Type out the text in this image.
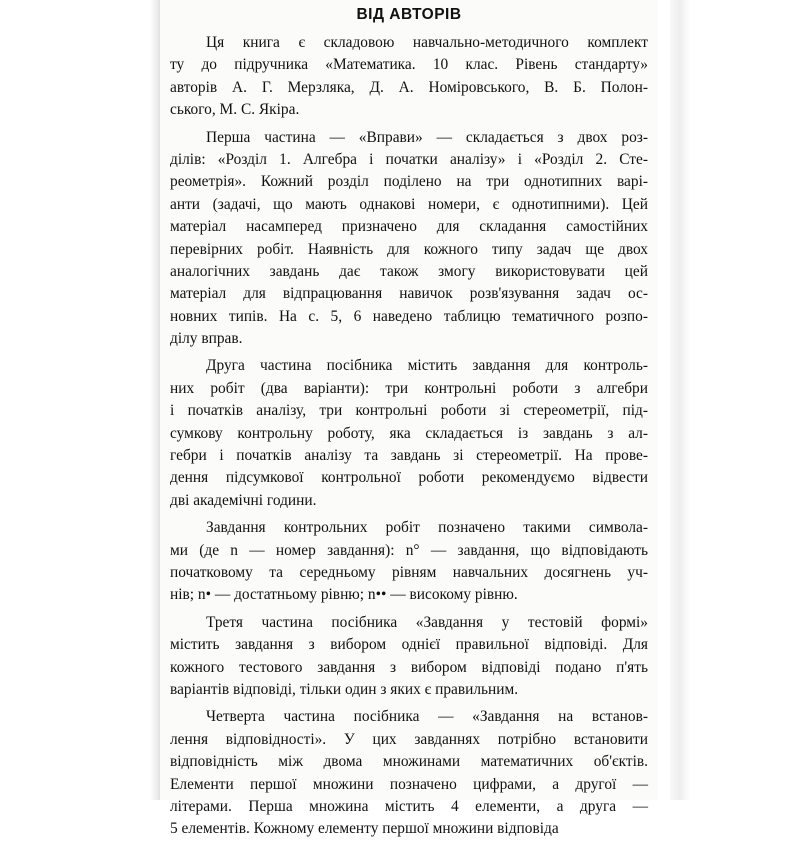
ВІД АВТОРІВ
Ця книга є складовою навчально-методичного комплект
ту до підручника «Математика. 10 клас. Рівень стандарту»
авторів А. Г. Мерзляка, Д. А. Номіровського, В. Б. Полон-
ського, М. С. Якіра.
Перша частина — «Вправи» — складається з двох роз-
ділів: «Розділ 1. Алгебра і початки аналізу» і «Розділ 2. Сте-
реометрія». Кожний розділ поділено на три однотипних варі-
анти (задачі, що мають однакові номери, є однотипними). Цей
матеріал насамперед призначено для складання самостійних
перевірних робіт. Наявність для кожного типу задач ще двох
аналогічних завдань дає також змогу використовувати цей
матеріал для відпрацювання навичок розв'язування задач ос-
новних типів. На с. 5, 6 наведено таблицю тематичного розпо-
ділу вправ.
Друга частина посібника містить завдання для контроль-
них робіт (два варіанти): три контрольні роботи з алгебри
і початків аналізу, три контрольні роботи зі стереометрії, під-
сумкову контрольну роботу, яка складається із завдань з ал-
гебри і початків аналізу та завдань зі стереометрії. На прове-
дення підсумкової контрольної роботи рекомендуємо відвести
дві академічні години.
Завдання контрольних робіт позначено такими символа-
ми (де n — номер завдання): n° — завдання, що відповідають
початковому та середньому рівням навчальних досягнень уч-
нів; n• — достатньому рівню; n•• — високому рівню.
Третя частина посібника «Завдання у тестовій формі»
містить завдання з вибором однієї правильної відповіді. Для
кожного тестового завдання з вибором відповіді подано п'ять
варіантів відповіді, тільки один з яких є правильним.
Четверта частина посібника — «Завдання на встанов-
лення відповідності». У цих завданнях потрібно встановити
відповідність між двома множинами математичних об'єктів.
Елементи першої множини позначено цифрами, а другої —
літерами. Перша множина містить 4 елементи, а друга —
5 елементів. Кожному елементу першої множини відповіда
